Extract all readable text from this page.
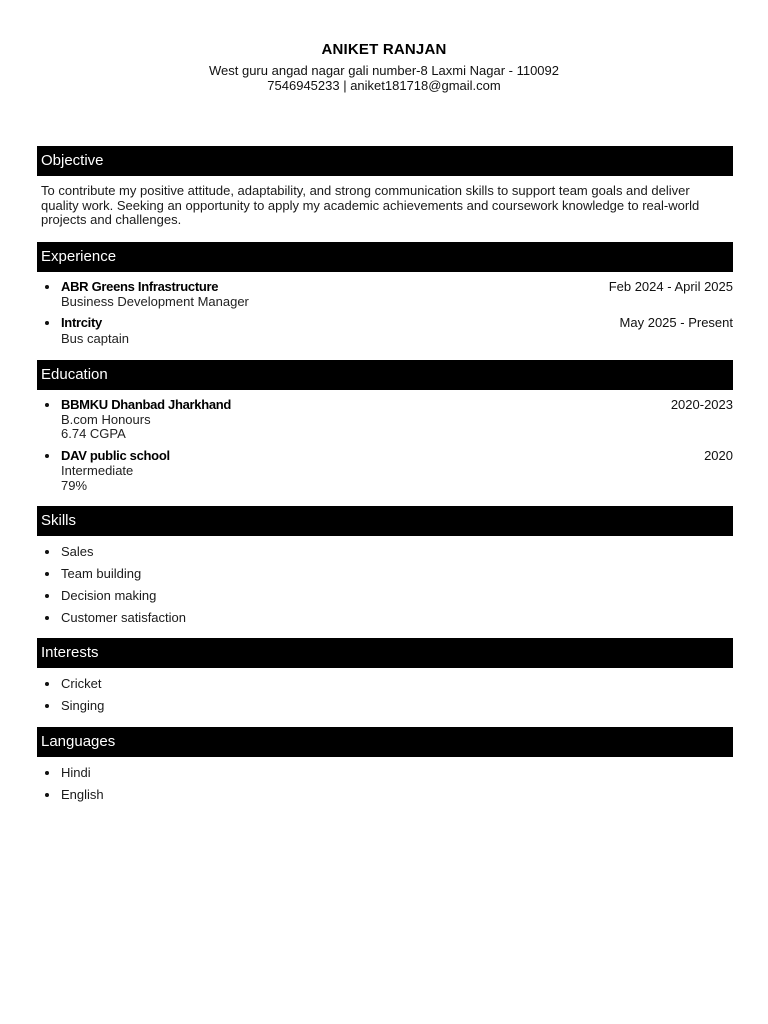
ANIKET RANJAN
West guru angad nagar gali number-8 Laxmi Nagar - 110092
7546945233 | aniket181718@gmail.com
Objective
To contribute my positive attitude, adaptability, and strong communication skills to support team goals and deliver
quality work. Seeking an opportunity to apply my academic achievements and coursework knowledge to real-world
projects and challenges.
Experience
ABR Greens Infrastructure	Feb 2024 - April 2025
Business Development Manager
Intrcity	May 2025 - Present
Bus captain
Education
BBMKU Dhanbad Jharkhand	2020-2023
B.com Honours
6.74 CGPA
DAV public school	2020
Intermediate
79%
Skills
Sales
Team building
Decision making
Customer satisfaction
Interests
Cricket
Singing
Languages
Hindi
English
